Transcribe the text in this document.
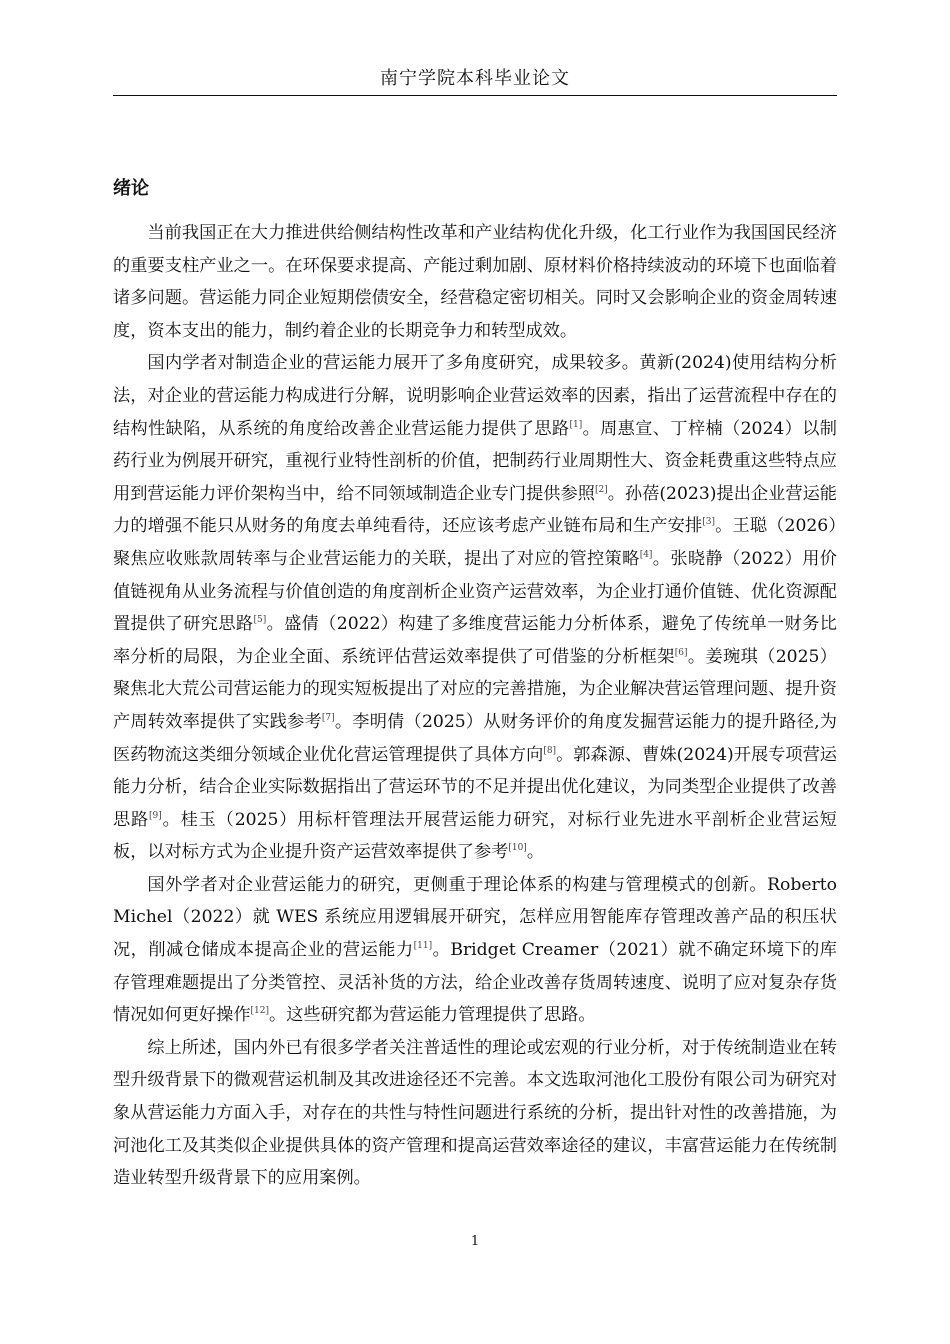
南宁学院本科毕业论文
绪论

当前我国正在大力推进供给侧结构性改革和产业结构优化升级，化工行业作为我国国民经济的重要支柱产业之一。在环保要求提高、产能过剩加剧、原材料价格持续波动的环境下也面临着诸多问题。营运能力同企业短期偿债安全，经营稳定密切相关。同时又会影响企业的资金周转速度，资本支出的能力，制约着企业的长期竞争力和转型成效。

国内学者对制造企业的营运能力展开了多角度研究，成果较多。黄新(2024)使用结构分析法，对企业的营运能力构成进行分解，说明影响企业营运效率的因素，指出了运营流程中存在的结构性缺陷，从系统的角度给改善企业营运能力提供了思路[1]。周惠宣、丁梓楠（2024）以制药行业为例展开研究，重视行业特性剖析的价值，把制药行业周期性大、资金耗费重这些特点应用到营运能力评价架构当中，给不同领域制造企业专门提供参照[2]。孙蓓(2023)提出企业营运能力的增强不能只从财务的角度去单纯看待，还应该考虑产业链布局和生产安排[3]。王聪（2026）聚焦应收账款周转率与企业营运能力的关联，提出了对应的管控策略[4]。张晓静（2022）用价值链视角从业务流程与价值创造的角度剖析企业资产运营效率，为企业打通价值链、优化资源配置提供了研究思路[5]。盛倩（2022）构建了多维度营运能力分析体系，避免了传统单一财务比率分析的局限，为企业全面、系统评估营运效率提供了可借鉴的分析框架[6]。姜琬琪（2025）聚焦北大荒公司营运能力的现实短板提出了对应的完善措施，为企业解决营运管理问题、提升资产周转效率提供了实践参考[7]。李明倩（2025）从财务评价的角度发掘营运能力的提升路径,为医药物流这类细分领域企业优化营运管理提供了具体方向[8]。郭森源、曹姝(2024)开展专项营运能力分析，结合企业实际数据指出了营运环节的不足并提出优化建议，为同类型企业提供了改善思路[9]。桂玉（2025）用标杆管理法开展营运能力研究，对标行业先进水平剖析企业营运短板，以对标方式为企业提升资产运营效率提供了参考[10]。

国外学者对企业营运能力的研究，更侧重于理论体系的构建与管理模式的创新。Roberto Michel（2022）就 WES 系统应用逻辑展开研究，怎样应用智能库存管理改善产品的积压状况，削减仓储成本提高企业的营运能力[11]。Bridget Creamer（2021）就不确定环境下的库存管理难题提出了分类管控、灵活补货的方法，给企业改善存货周转速度、说明了应对复杂存货情况如何更好操作[12]。这些研究都为营运能力管理提供了思路。

综上所述，国内外已有很多学者关注普适性的理论或宏观的行业分析，对于传统制造业在转型升级背景下的微观营运机制及其改进途径还不完善。本文选取河池化工股份有限公司为研究对象从营运能力方面入手，对存在的共性与特性问题进行系统的分析，提出针对性的改善措施，为河池化工及其类似企业提供具体的资产管理和提高运营效率途径的建议，丰富营运能力在传统制造业转型升级背景下的应用案例。

1
